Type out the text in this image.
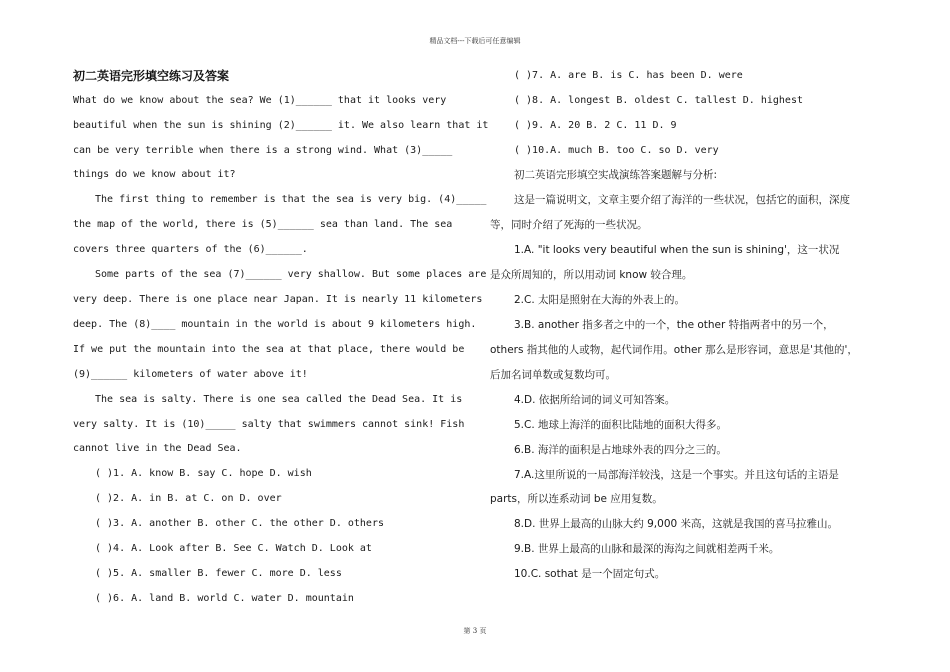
精品文档---下载后可任意编辑
初二英语完形填空练习及答案
What do we know about the sea? We (1)______ that it looks very
beautiful when the sun is shining (2)______ it. We also learn that it
can be very terrible when there is a strong wind. What (3)_____
things do we know about it?
The first thing to remember is that the sea is very big. (4)_____
the map of the world, there is (5)______ sea than land. The sea
covers three quarters of the (6)______.
Some parts of the sea (7)______ very shallow. But some places are
very deep. There is one place near Japan. It is nearly 11 kilometers
deep. The (8)____ mountain in the world is about 9 kilometers high.
If we put the mountain into the sea at that place, there would be
(9)______ kilometers of water above it!
The sea is salty. There is one sea called the Dead Sea. It is
very salty. It is (10)_____ salty that swimmers cannot sink! Fish
cannot live in the Dead Sea.
( )1. A. know B. say C. hope D. wish
( )2. A. in B. at C. on D. over
( )3. A. another B. other C. the other D. others
( )4. A. Look after B. See C. Watch D. Look at
( )5. A. smaller B. fewer C. more D. less
( )6. A. land B. world C. water D. mountain
( )7. A. are B. is C. has been D. were
( )8. A. longest B. oldest C. tallest D. highest
( )9. A. 20 B. 2 C. 11 D. 9
( )10.A. much B. too C. so D. very
初二英语完形填空实战演练答案题解与分析:
这是一篇说明文，文章主要介绍了海洋的一些状况，包括它的面积，深度
等，同时介绍了死海的一些状况。
1.A. "it looks very beautiful when the sun is shining'，这一状况
是众所周知的，所以用动词 know 较合理。
2.C. 太阳是照射在大海的外表上的。
3.B. another 指多者之中的一个，the other 特指两者中的另一个，
others 指其他的人或物，起代词作用。other 那么是形容词，意思是'其他的'，
后加名词单数或复数均可。
4.D. 依据所给词的词义可知答案。
5.C. 地球上海洋的面积比陆地的面积大得多。
6.B. 海洋的面积是占地球外表的四分之三的。
7.A.这里所说的一局部海洋较浅，这是一个事实。并且这句话的主语是
parts，所以连系动词 be 应用复数。
8.D. 世界上最高的山脉大约 9,000 米高，这就是我国的喜马拉雅山。
9.B. 世界上最高的山脉和最深的海沟之间就相差两千米。
10.C. sothat 是一个固定句式。
第 3 页
